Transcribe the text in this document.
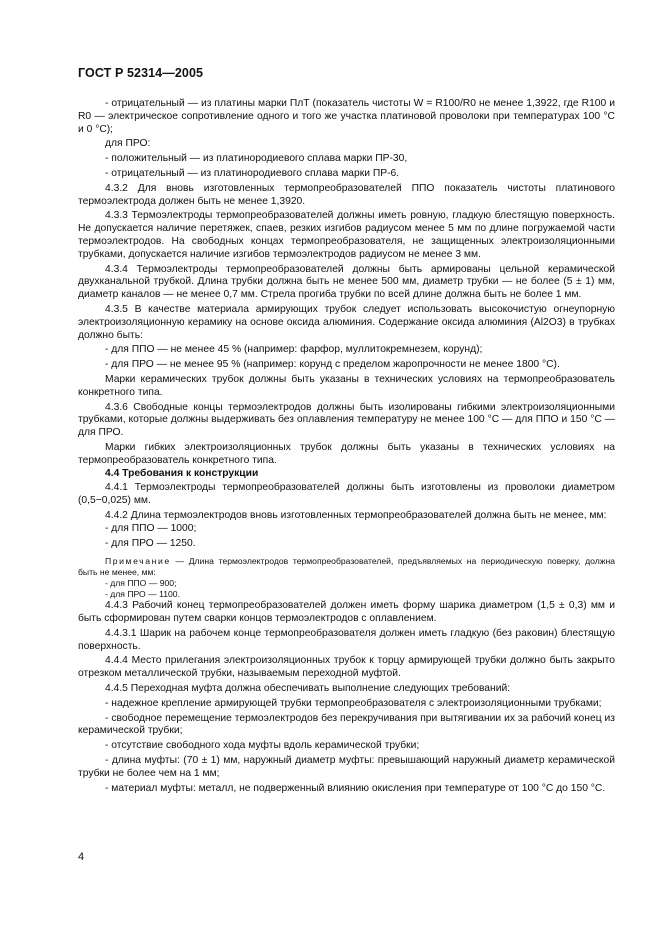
ГОСТ Р 52314—2005

- отрицательный — из платины марки ПлТ (показатель чистоты W = R100/R0 не менее 1,3922, где R100 и R0 — электрическое сопротивление одного и того же участка платиновой проволоки при температурах 100 °C и 0 °C);

для ПРО:

- положительный — из платинородиевого сплава марки ПР-30,

- отрицательный — из платинородиевого сплава марки ПР-6.

4.3.2 Для вновь изготовленных термопреобразователей ППО показатель чистоты платинового термоэлектрода должен быть не менее 1,3920.

4.3.3 Термоэлектроды термопреобразователей должны иметь ровную, гладкую блестящую поверхность. Не допускается наличие перетяжек, спаев, резких изгибов радиусом менее 5 мм по длине погружаемой части термоэлектродов. На свободных концах термопреобразователя, не защищенных электроизоляционными трубками, допускается наличие изгибов термоэлектродов радиусом не менее 3 мм.

4.3.4 Термоэлектроды термопреобразователей должны быть армированы цельной керамической двухканальной трубкой. Длина трубки должна быть не менее 500 мм, диаметр трубки — не более (5 ± 1) мм, диаметр каналов — не менее 0,7 мм. Стрела прогиба трубки по всей длине должна быть не более 1 мм.

4.3.5 В качестве материала армирующих трубок следует использовать высокочистую огнеупорную электроизоляционную керамику на основе оксида алюминия. Содержание оксида алюминия (Al2O3) в трубках должно быть:

- для ППО — не менее 45 % (например: фарфор, муллитокремнезем, корунд);

- для ПРО — не менее 95 % (например: корунд с пределом жаропрочности не менее 1800 °C).

Марки керамических трубок должны быть указаны в технических условиях на термопреобразователь конкретного типа.

4.3.6 Свободные концы термоэлектродов должны быть изолированы гибкими электроизоляционными трубками, которые должны выдерживать без оплавления температуру не менее 100 °C — для ППО и 150 °C — для ПРО.

Марки гибких электроизоляционных трубок должны быть указаны в технических условиях на термопреобразователь конкретного типа.

4.4 Требования к конструкции

4.4.1 Термоэлектроды термопреобразователей должны быть изготовлены из проволоки диаметром (0,5−0,025) мм.

4.4.2 Длина термоэлектродов вновь изготовленных термопреобразователей должна быть не менее, мм:

- для ППО — 1000;

- для ПРО — 1250.

Примечание — Длина термоэлектродов термопреобразователей, предъявляемых на периодическую поверку, должна быть не менее, мм:

- для ППО — 900;

- для ПРО — 1100.

4.4.3 Рабочий конец термопреобразователей должен иметь форму шарика диаметром (1,5 ± 0,3) мм и быть сформирован путем сварки концов термоэлектродов с оплавлением.

4.4.3.1 Шарик на рабочем конце термопреобразователя должен иметь гладкую (без раковин) блестящую поверхность.

4.4.4 Место прилегания электроизоляционных трубок к торцу армирующей трубки должно быть закрыто отрезком металлической трубки, называемым переходной муфтой.

4.4.5 Переходная муфта должна обеспечивать выполнение следующих требований:

- надежное крепление армирующей трубки термопреобразователя с электроизоляционными трубками;

- свободное перемещение термоэлектродов без перекручивания при вытягивании их за рабочий конец из керамической трубки;

- отсутствие свободного хода муфты вдоль керамической трубки;

- длина муфты: (70 ± 1) мм, наружный диаметр муфты: превышающий наружный диаметр керамической трубки не более чем на 1 мм;

- материал муфты: металл, не подверженный влиянию окисления при температуре от 100 °C до 150 °C.

4
